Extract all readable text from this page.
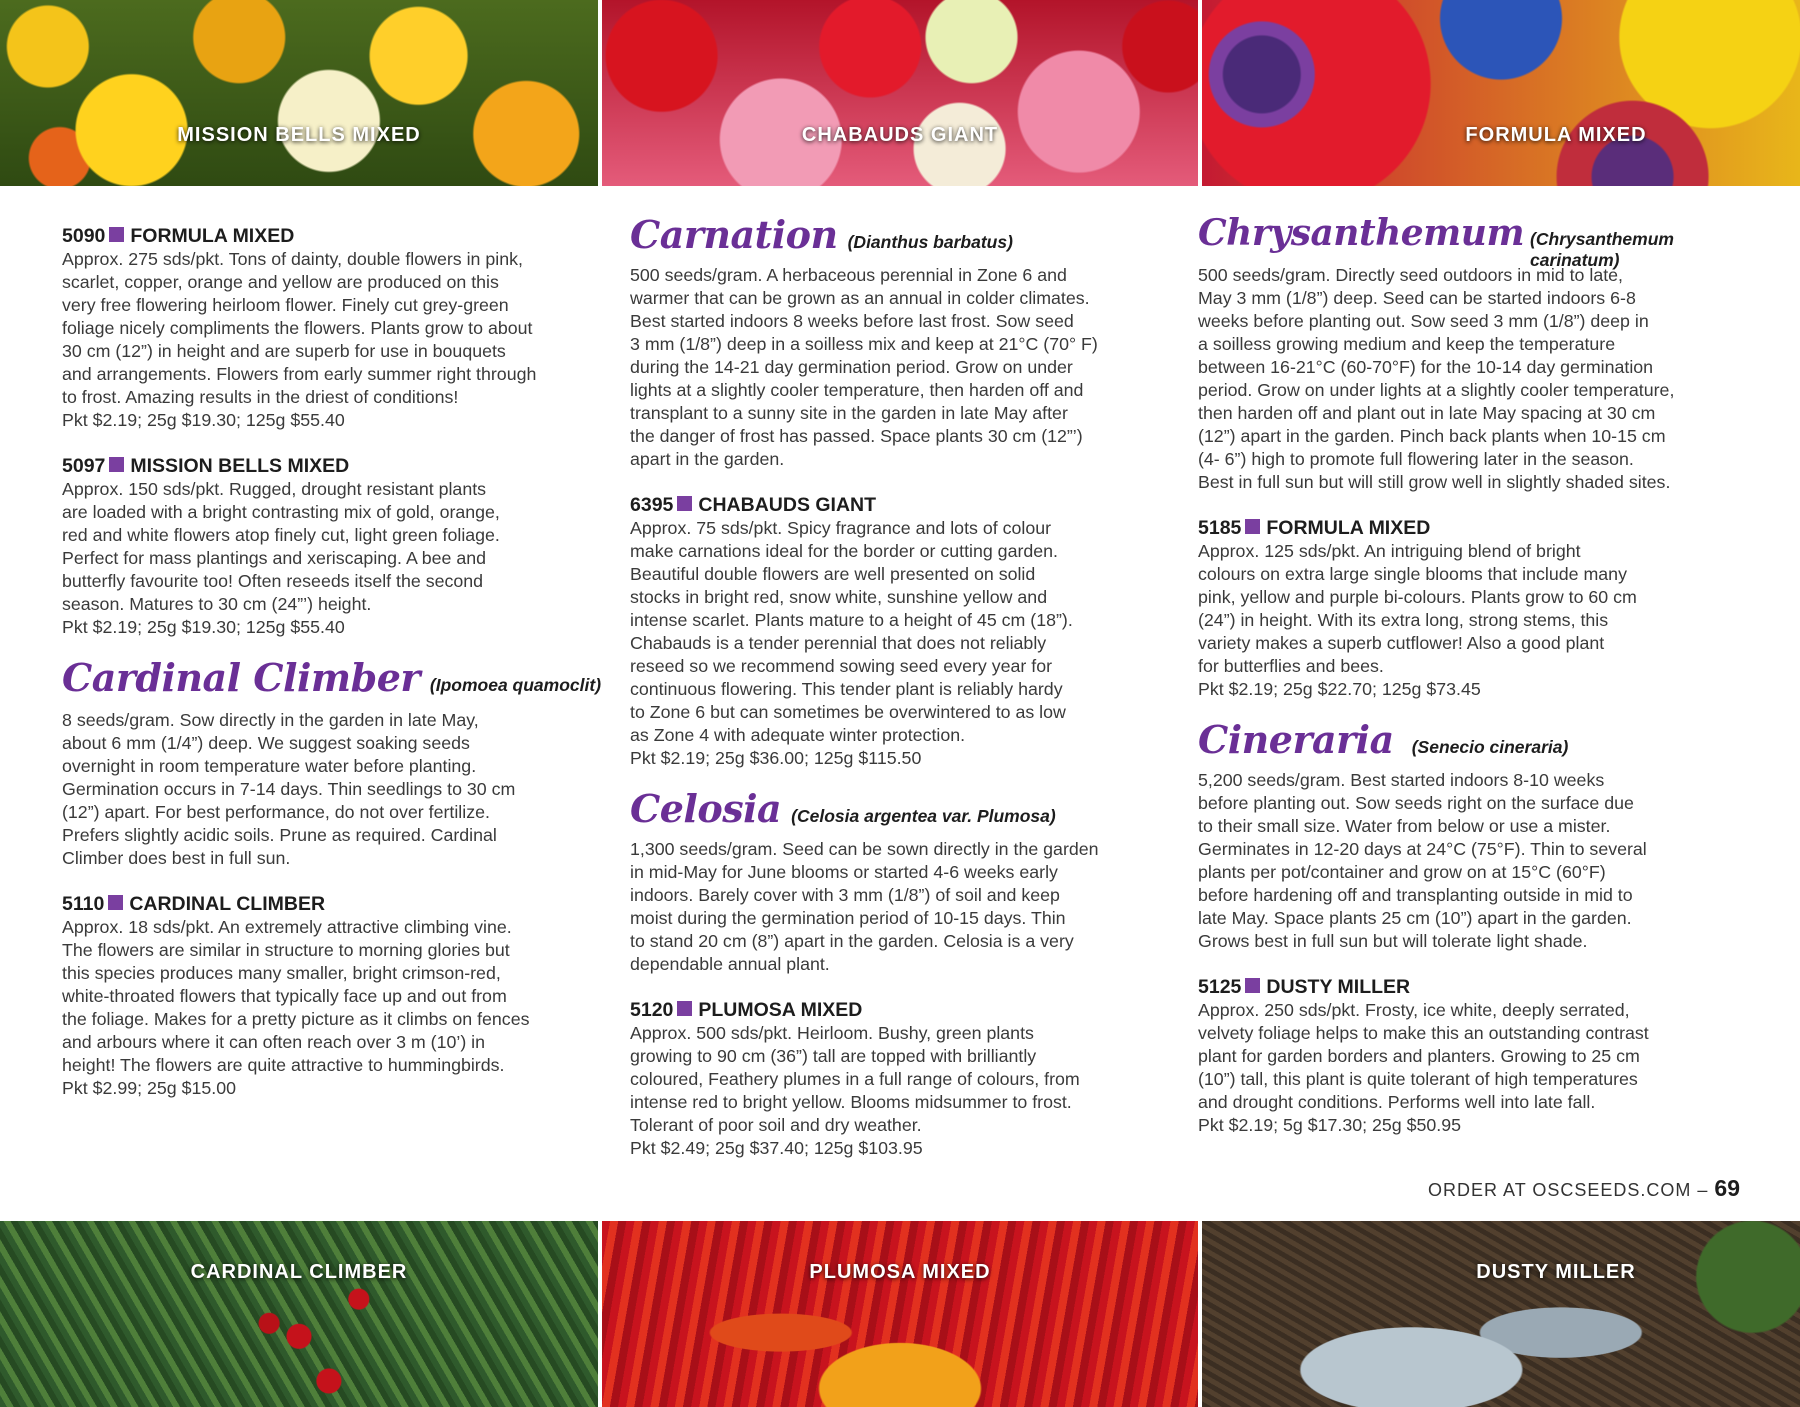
MISSION BELLS MIXED	CHABAUDS GIANT	FORMULA MIXED
5090 FORMULA MIXED
Approx. 275 sds/pkt. Tons of dainty, double flowers in pink,
scarlet, copper, orange and yellow are produced on this
very free flowering heirloom flower. Finely cut grey-green
foliage nicely compliments the flowers. Plants grow to about
30 cm (12”) in height and are superb for use in bouquets
and arrangements. Flowers from early summer right through
to frost. Amazing results in the driest of conditions!
Pkt $2.19; 25g $19.30; 125g $55.40
5097 MISSION BELLS MIXED
Approx. 150 sds/pkt. Rugged, drought resistant plants
are loaded with a bright contrasting mix of gold, orange,
red and white flowers atop finely cut, light green foliage.
Perfect for mass plantings and xeriscaping. A bee and
butterfly favourite too! Often reseeds itself the second
season. Matures to 30 cm (24”’) height.
Pkt $2.19; 25g $19.30; 125g $55.40
Cardinal Climber (Ipomoea quamoclit)
8 seeds/gram. Sow directly in the garden in late May,
about 6 mm (1/4”) deep. We suggest soaking seeds
overnight in room temperature water before planting.
Germination occurs in 7-14 days. Thin seedlings to 30 cm
(12”) apart. For best performance, do not over fertilize.
Prefers slightly acidic soils. Prune as required. Cardinal
Climber does best in full sun.
5110 CARDINAL CLIMBER
Approx. 18 sds/pkt. An extremely attractive climbing vine.
The flowers are similar in structure to morning glories but
this species produces many smaller, bright crimson-red,
white-throated flowers that typically face up and out from
the foliage. Makes for a pretty picture as it climbs on fences
and arbours where it can often reach over 3 m (10’) in
height! The flowers are quite attractive to hummingbirds.
Pkt $2.99; 25g $15.00
Carnation (Dianthus barbatus)
500 seeds/gram. A herbaceous perennial in Zone 6 and
warmer that can be grown as an annual in colder climates.
Best started indoors 8 weeks before last frost. Sow seed
3 mm (1/8”) deep in a soilless mix and keep at 21°C (70° F)
during the 14-21 day germination period. Grow on under
lights at a slightly cooler temperature, then harden off and
transplant to a sunny site in the garden in late May after
the danger of frost has passed. Space plants 30 cm (12”’)
apart in the garden.
6395 CHABAUDS GIANT
Approx. 75 sds/pkt. Spicy fragrance and lots of colour
make carnations ideal for the border or cutting garden.
Beautiful double flowers are well presented on solid
stocks in bright red, snow white, sunshine yellow and
intense scarlet. Plants mature to a height of 45 cm (18”).
Chabauds is a tender perennial that does not reliably
reseed so we recommend sowing seed every year for
continuous flowering. This tender plant is reliably hardy
to Zone 6 but can sometimes be overwintered to as low
as Zone 4 with adequate winter protection.
Pkt $2.19; 25g $36.00; 125g $115.50
Celosia (Celosia argentea var. Plumosa)
1,300 seeds/gram. Seed can be sown directly in the garden
in mid-May for June blooms or started 4-6 weeks early
indoors. Barely cover with 3 mm (1/8”) of soil and keep
moist during the germination period of 10-15 days. Thin
to stand 20 cm (8”) apart in the garden. Celosia is a very
dependable annual plant.
5120 PLUMOSA MIXED
Approx. 500 sds/pkt. Heirloom. Bushy, green plants
growing to 90 cm (36”) tall are topped with brilliantly
coloured, Feathery plumes in a full range of colours, from
intense red to bright yellow. Blooms midsummer to frost.
Tolerant of poor soil and dry weather.
Pkt $2.49; 25g $37.40; 125g $103.95
Chrysanthemum (Chrysanthemum carinatum)
500 seeds/gram. Directly seed outdoors in mid to late,
May 3 mm (1/8”) deep. Seed can be started indoors 6-8
weeks before planting out. Sow seed 3 mm (1/8”) deep in
a soilless growing medium and keep the temperature
between 16-21°C (60-70°F) for the 10-14 day germination
period. Grow on under lights at a slightly cooler temperature,
then harden off and plant out in late May spacing at 30 cm
(12”) apart in the garden. Pinch back plants when 10-15 cm
(4- 6”) high to promote full flowering later in the season.
Best in full sun but will still grow well in slightly shaded sites.
5185 FORMULA MIXED
Approx. 125 sds/pkt. An intriguing blend of bright
colours on extra large single blooms that include many
pink, yellow and purple bi-colours. Plants grow to 60 cm
(24”) in height. With its extra long, strong stems, this
variety makes a superb cutflower! Also a good plant
for butterflies and bees.
Pkt $2.19; 25g $22.70; 125g $73.45
Cineraria (Senecio cineraria)
5,200 seeds/gram. Best started indoors 8-10 weeks
before planting out. Sow seeds right on the surface due
to their small size. Water from below or use a mister.
Germinates in 12-20 days at 24°C (75°F). Thin to several
plants per pot/container and grow on at 15°C (60°F)
before hardening off and transplanting outside in mid to
late May. Space plants 25 cm (10”) apart in the garden.
Grows best in full sun but will tolerate light shade.
5125 DUSTY MILLER
Approx. 250 sds/pkt. Frosty, ice white, deeply serrated,
velvety foliage helps to make this an outstanding contrast
plant for garden borders and planters. Growing to 25 cm
(10”) tall, this plant is quite tolerant of high temperatures
and drought conditions. Performs well into late fall.
Pkt $2.19; 5g $17.30; 25g $50.95
ORDER AT OSCSEEDS.COM – 69
CARDINAL CLIMBER	PLUMOSA MIXED	DUSTY MILLER
